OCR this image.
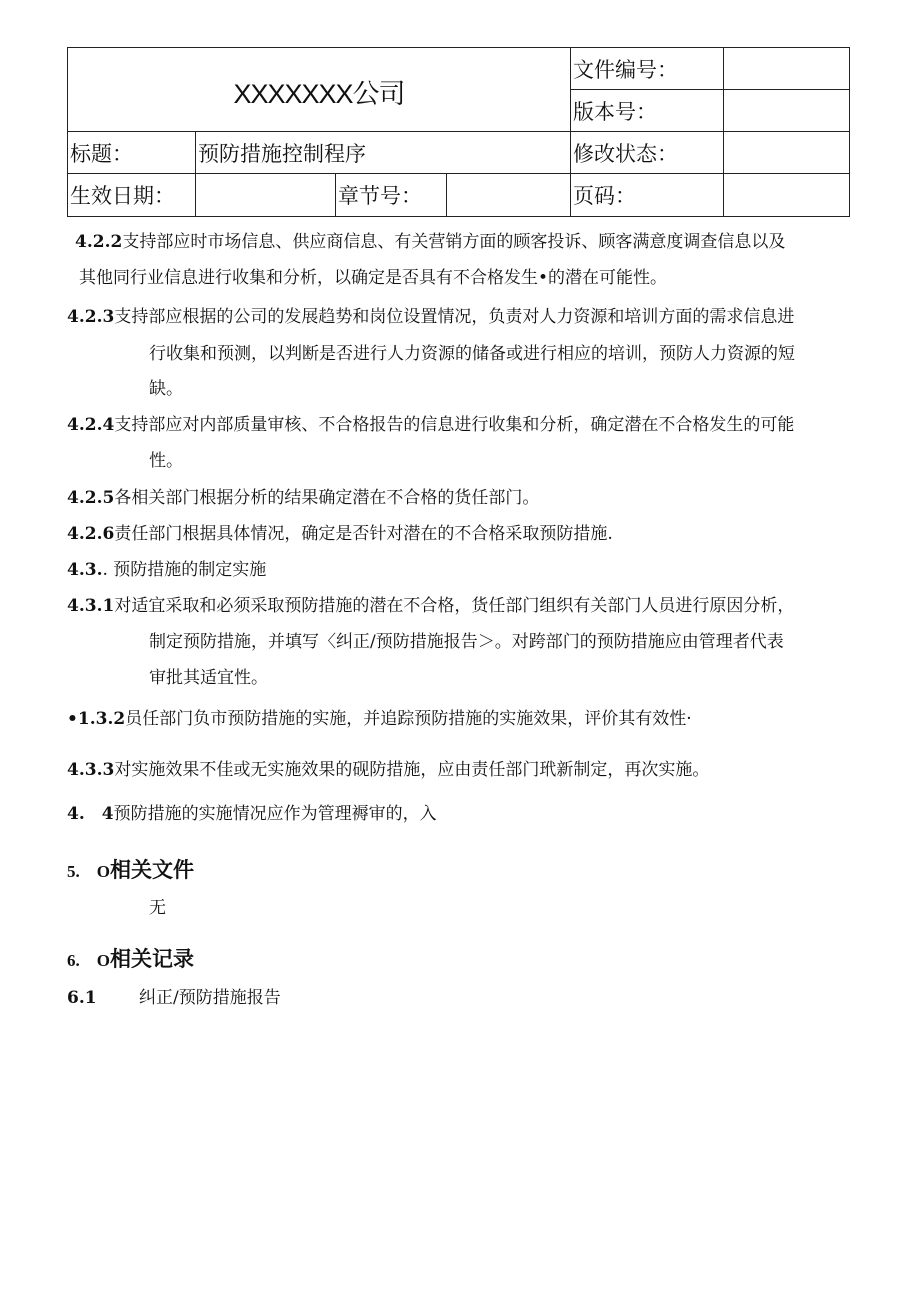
XXXXXXX公司				文件编号：	
				版本号：	
标题：	预防措施控制程序			修改状态：	
生效日期：		章节号：		页码：	
4.2.2支持部应时市场信息、供应商信息、有关营销方面的顾客投诉、顾客满意度调查信息以及
其他同行业信息进行收集和分析，以确定是否具有不合格发生•的潜在可能性。
4.2.3支持部应根据的公司的发展趋势和岗位设置情况，负责对人力资源和培训方面的需求信息进
行收集和预测，以判断是否进行人力资源的储备或进行相应的培训，预防人力资源的短
缺。
4.2.4支持部应对内部质量审核、不合格报告的信息进行收集和分析，确定潜在不合格发生的可能
性。
4.2.5各相关部门根据分析的结果确定潜在不合格的货任部门。
4.2.6责任部门根据具体情况，确定是否针对潜在的不合格采取预防措施.
4.3.. 预防措施的制定实施
4.3.1对适宜采取和必须采取预防措施的潜在不合格，货任部门组织有关部门人员进行原因分析，
制定预防措施，并填写〈纠正/预防措施报告＞。对跨部门的预防措施应由管理者代表
审批其适宜性。
•1.3.2员任部门负市预防措施的实施，并追踪预防措施的实施效果，评价其有效性·
4.3.3对实施效果不佳或无实施效果的砚防措施，应由责任部门玳新制定，再次实施。
4.　4预防措施的实施情况应作为管理褥审的，入
5.　O相关文件
无
6.　O相关记录
6.1 纠正/预防措施报告
